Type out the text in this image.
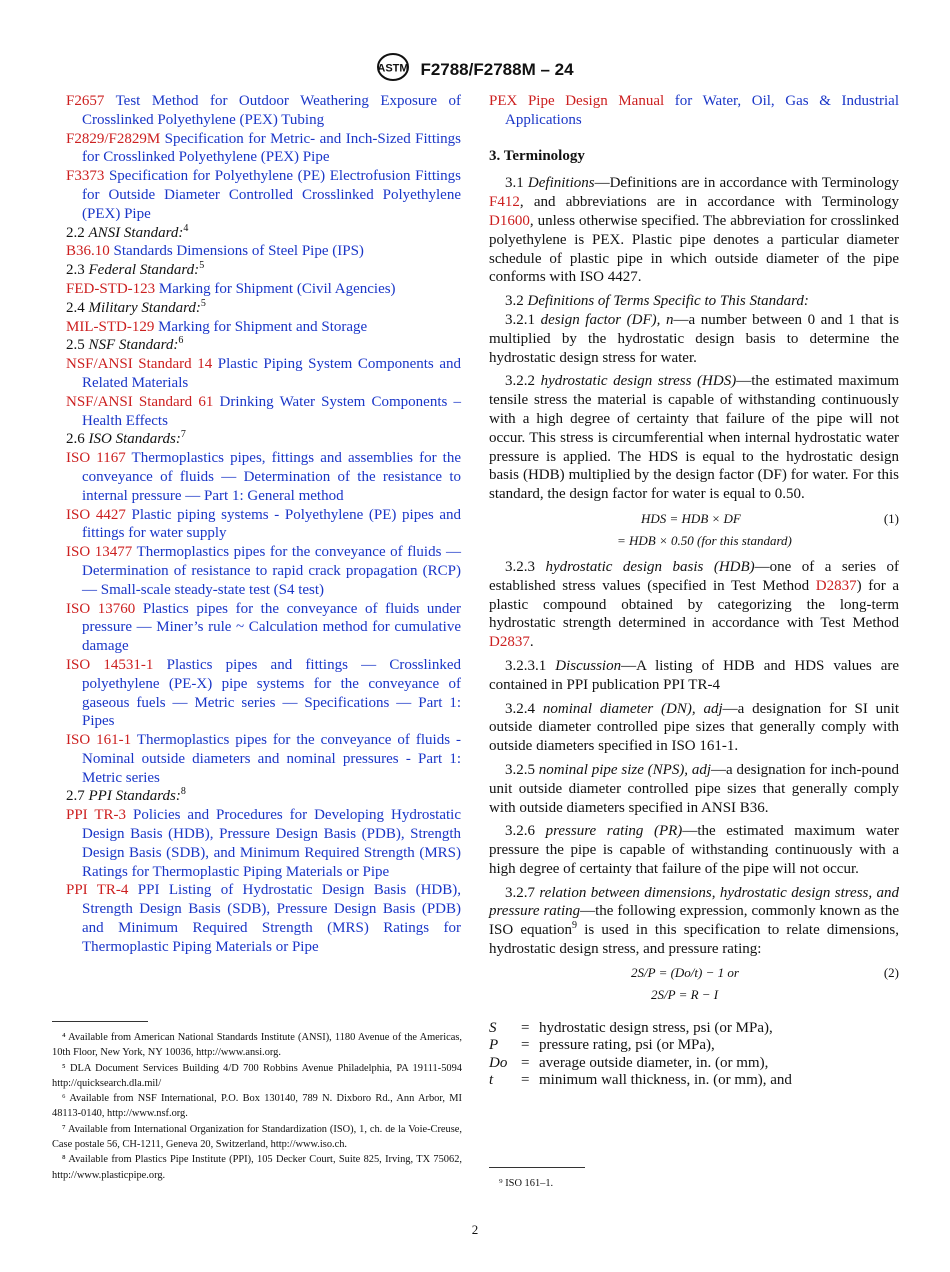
ASTM F2788/F2788M – 24

F2657 Test Method for Outdoor Weathering Exposure of Crosslinked Polyethylene (PEX) Tubing

F2829/F2829M Specification for Metric- and Inch-Sized Fittings for Crosslinked Polyethylene (PEX) Pipe

F3373 Specification for Polyethylene (PE) Electrofusion Fittings for Outside Diameter Controlled Crosslinked Polyethylene (PEX) Pipe

2.2 ANSI Standard:$^4$

B36.10 Standards Dimensions of Steel Pipe (IPS)

2.3 Federal Standard:$^5$

FED-STD-123 Marking for Shipment (Civil Agencies)

2.4 Military Standard:$^5$

MIL-STD-129 Marking for Shipment and Storage

2.5 NSF Standard:$^6$

NSF/ANSI Standard 14 Plastic Piping System Components and Related Materials

NSF/ANSI Standard 61 Drinking Water System Components – Health Effects

2.6 ISO Standards:$^7$

ISO 1167 Thermoplastics pipes, fittings and assemblies for the conveyance of fluids — Determination of the resistance to internal pressure — Part 1: General method

ISO 4427 Plastic piping systems - Polyethylene (PE) pipes and fittings for water supply

ISO 13477 Thermoplastics pipes for the conveyance of fluids — Determination of resistance to rapid crack propagation (RCP) — Small-scale steady-state test (S4 test)

ISO 13760 Plastics pipes for the conveyance of fluids under pressure — Miner’s rule ~ Calculation method for cumulative damage

ISO 14531-1 Plastics pipes and fittings — Crosslinked polyethylene (PE-X) pipe systems for the conveyance of gaseous fuels — Metric series — Specifications — Part 1: Pipes

ISO 161-1 Thermoplastics pipes for the conveyance of fluids - Nominal outside diameters and nominal pressures - Part 1: Metric series

2.7 PPI Standards:$^8$

PPI TR-3 Policies and Procedures for Developing Hydrostatic Design Basis (HDB), Pressure Design Basis (PDB), Strength Design Basis (SDB), and Minimum Required Strength (MRS) Ratings for Thermoplastic Piping Materials or Pipe

PPI TR-4 PPI Listing of Hydrostatic Design Basis (HDB), Strength Design Basis (SDB), Pressure Design Basis (PDB) and Minimum Required Strength (MRS) Ratings for Thermoplastic Piping Materials or Pipe

PEX Pipe Design Manual for Water, Oil, Gas & Industrial Applications

3. Terminology

3.1 Definitions—Definitions are in accordance with Terminology F412, and abbreviations are in accordance with Terminology D1600, unless otherwise specified. The abbreviation for crosslinked polyethylene is PEX. Plastic pipe denotes a particular diameter schedule of plastic pipe in which outside diameter of the pipe conforms with ISO 4427.

3.2 Definitions of Terms Specific to This Standard:

3.2.1 design factor (DF), n—a number between 0 and 1 that is multiplied by the hydrostatic design basis to determine the hydrostatic design stress for water.

3.2.2 hydrostatic design stress (HDS)—the estimated maximum tensile stress the material is capable of withstanding continuously with a high degree of certainty that failure of the pipe will not occur. This stress is circumferential when internal hydrostatic water pressure is applied. The HDS is equal to the hydrostatic design basis (HDB) multiplied by the design factor (DF) for water. For this standard, the design factor for water is equal to 0.50.

HDS = HDB × DF	(1)
= HDB × 0.50 (for this standard)

3.2.3 hydrostatic design basis (HDB)—one of a series of established stress values (specified in Test Method D2837) for a plastic compound obtained by categorizing the long-term hydrostatic strength determined in accordance with Test Method D2837.

3.2.3.1 Discussion—A listing of HDB and HDS values are contained in PPI publication PPI TR-4

3.2.4 nominal diameter (DN), adj—a designation for SI unit outside diameter controlled pipe sizes that generally comply with outside diameters specified in ISO 161-1.

3.2.5 nominal pipe size (NPS), adj—a designation for inch-pound unit outside diameter controlled pipe sizes that generally comply with outside diameters specified in ANSI B36.

3.2.6 pressure rating (PR)—the estimated maximum water pressure the pipe is capable of withstanding continuously with a high degree of certainty that failure of the pipe will not occur.

3.2.7 relation between dimensions, hydrostatic design stress, and pressure rating—the following expression, commonly known as the ISO equation$^9$ is used in this specification to relate dimensions, hydrostatic design stress, and pressure rating:

2S/P = (Do/t) − 1 or	(2)
2S/P = R − I
S	= hydrostatic design stress, psi (or MPa),
P	= pressure rating, psi (or MPa),
Do = average outside diameter, in. (or mm),
t	= minimum wall thickness, in. (or mm), and

⁴ Available from American National Standards Institute (ANSI), 1180 Avenue of the Americas, 10th Floor, New York, NY 10036, http://www.ansi.org.

⁵ DLA Document Services Building 4/D 700 Robbins Avenue Philadelphia, PA 19111-5094 http://quicksearch.dla.mil/

⁶ Available from NSF International, P.O. Box 130140, 789 N. Dixboro Rd., Ann Arbor, MI 48113-0140, http://www.nsf.org.

⁷ Available from International Organization for Standardization (ISO), 1, ch. de la Voie-Creuse, Case postale 56, CH-1211, Geneva 20, Switzerland, http://www.iso.ch.

⁸ Available from Plastics Pipe Institute (PPI), 105 Decker Court, Suite 825, Irving, TX 75062, http://www.plasticpipe.org.

⁹ ISO 161–1.

2
